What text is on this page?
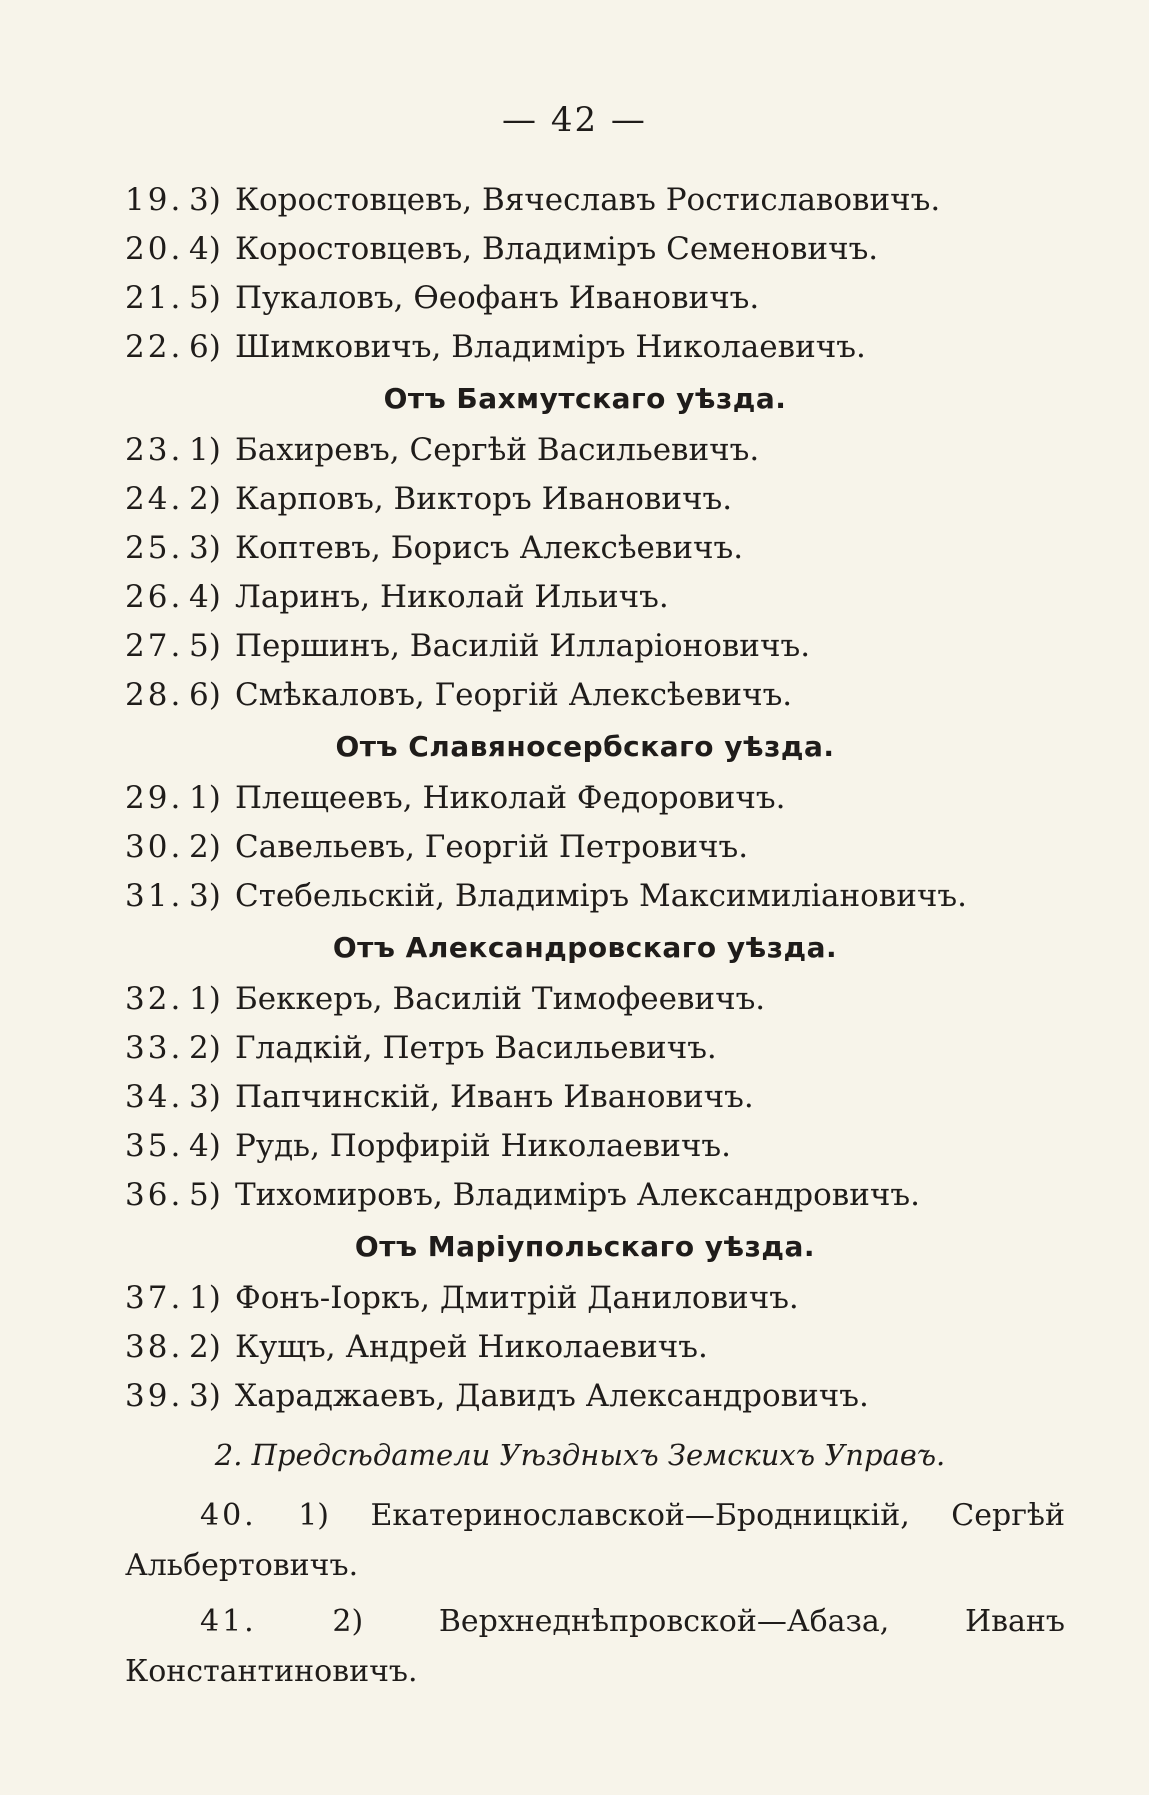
— 42 —
19. 3) Коростовцевъ, Вячеславъ Ростиславовичъ.
20. 4) Коростовцевъ, Владиміръ Семеновичъ.
21. 5) Пукаловъ, Ѳеофанъ Ивановичъ.
22. 6) Шимковичъ, Владиміръ Николаевичъ.
Отъ Бахмутскаго уѣзда.
23. 1) Бахиревъ, Сергѣй Васильевичъ.
24. 2) Карповъ, Викторъ Ивановичъ.
25. 3) Коптевъ, Борисъ Алексѣевичъ.
26. 4) Ларинъ, Николай Ильичъ.
27. 5) Першинъ, Василій Илларіоновичъ.
28. 6) Смѣкаловъ, Георгій Алексѣевичъ.
Отъ Славяносербскаго уѣзда.
29. 1) Плещеевъ, Николай Федоровичъ.
30. 2) Савельевъ, Георгій Петровичъ.
31. 3) Стебельскій, Владиміръ Максимиліановичъ.
Отъ Александровскаго уѣзда.
32. 1) Беккеръ, Василій Тимофеевичъ.
33. 2) Гладкій, Петръ Васильевичъ.
34. 3) Папчинскій, Иванъ Ивановичъ.
35. 4) Рудь, Порфирій Николаевичъ.
36. 5) Тихомировъ, Владиміръ Александровичъ.
Отъ Маріупольскаго уѣзда.
37. 1) Фонъ-Іоркъ, Дмитрій Даниловичъ.
38. 2) Кущъ, Андрей Николаевичъ.
39. 3) Хараджаевъ, Давидъ Александровичъ.
2. Предсѣдатели Уѣздныхъ Земскихъ Управъ.
40. 1) Екатеринославской—Бродницкій, Сергѣй Альбертовичъ.
41.	2)	Верхнеднѣпровской—Абаза, Иванъ Константиновичъ.
